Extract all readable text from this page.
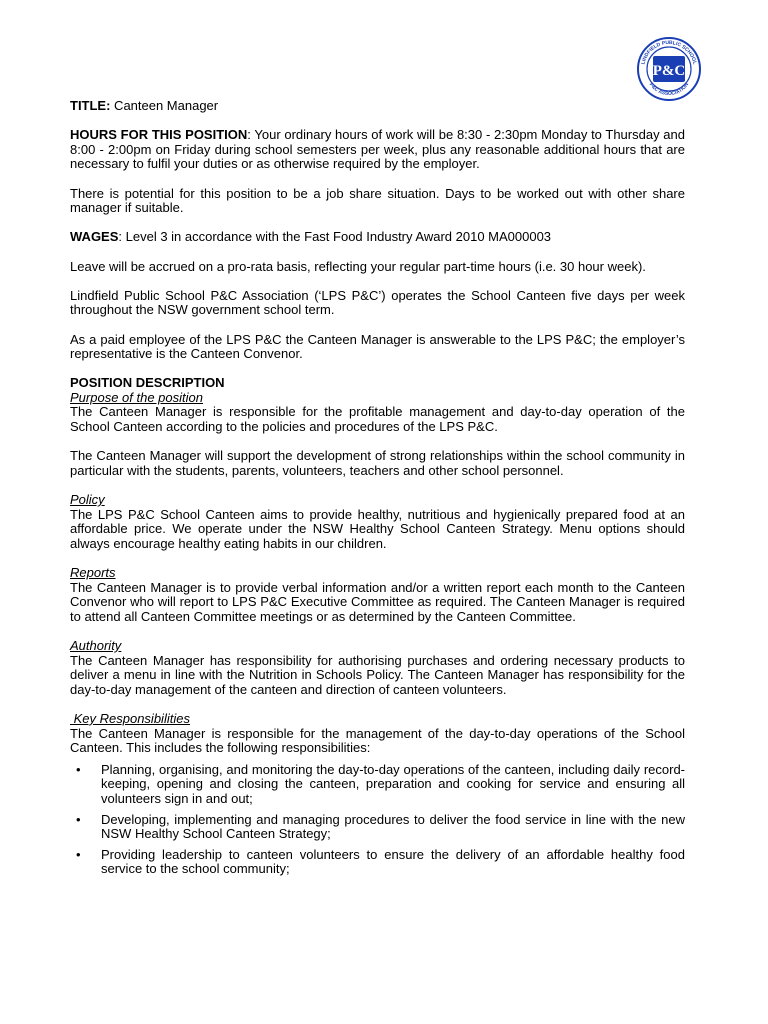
LINDFIELD PUBLIC SCHOOL
P&C ASSOCIATION
P&C

TITLE: Canteen Manager

HOURS FOR THIS POSITION: Your ordinary hours of work will be 8:30 - 2:30pm Monday to Thursday and 8:00 - 2:00pm on Friday during school semesters per week, plus any reasonable additional hours that are necessary to fulfil your duties or as otherwise required by the employer.

There is potential for this position to be a job share situation. Days to be worked out with other share manager if suitable.

WAGES: Level 3 in accordance with the Fast Food Industry Award 2010 MA000003

Leave will be accrued on a pro-rata basis, reflecting your regular part-time hours (i.e. 30 hour week).

Lindfield Public School P&C Association (‘LPS P&C’) operates the School Canteen five days per week throughout the NSW government school term.

As a paid employee of the LPS P&C the Canteen Manager is answerable to the LPS P&C; the employer’s representative is the Canteen Convenor.

POSITION DESCRIPTION

Purpose of the position

The Canteen Manager is responsible for the profitable management and day-to-day operation of the School Canteen according to the policies and procedures of the LPS P&C.

The Canteen Manager will support the development of strong relationships within the school community in particular with the students, parents, volunteers, teachers and other school personnel.

Policy

The LPS P&C School Canteen aims to provide healthy, nutritious and hygienically prepared food at an affordable price. We operate under the NSW Healthy School Canteen Strategy. Menu options should always encourage healthy eating habits in our children.

Reports

The Canteen Manager is to provide verbal information and/or a written report each month to the Canteen Convenor who will report to LPS P&C Executive Committee as required. The Canteen Manager is required to attend all Canteen Committee meetings or as determined by the Canteen Committee.

Authority

The Canteen Manager has responsibility for authorising purchases and ordering necessary products to deliver a menu in line with the Nutrition in Schools Policy. The Canteen Manager has responsibility for the day-to-day management of the canteen and direction of canteen volunteers.

Key Responsibilities

The Canteen Manager is responsible for the management of the day-to-day operations of the School Canteen. This includes the following responsibilities:

• Planning, organising, and monitoring the day-to-day operations of the canteen, including daily record-keeping, opening and closing the canteen, preparation and cooking for service and ensuring all volunteers sign in and out;
• Developing, implementing and managing procedures to deliver the food service in line with the new NSW Healthy School Canteen Strategy;
• Providing leadership to canteen volunteers to ensure the delivery of an affordable healthy food service to the school community;
